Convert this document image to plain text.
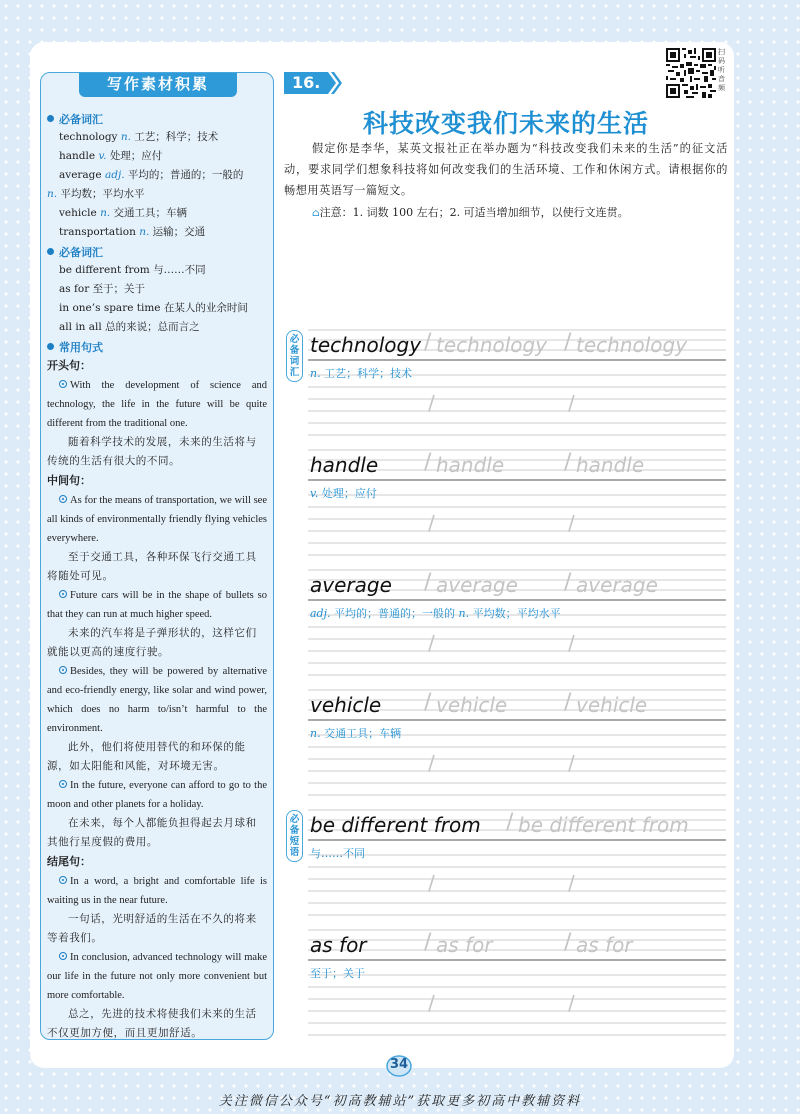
写作素材积累
必备词汇
technology n. 工艺；科学；技术
handle v. 处理；应付
average adj. 平均的；普通的；一般的
n. 平均数；平均水平
vehicle n. 交通工具；车辆
transportation n. 运输；交通
必备词汇
be different from 与……不同
as for 至于；关于
in one’s spare time 在某人的业余时间
all in all 总的来说；总而言之
常用句式
开头句：
With the development of science and technology, the life in the future will be quite different from the traditional one.
随着科学技术的发展，未来的生活将与传统的生活有很大的不同。
中间句：
As for the means of transportation, we will see all kinds of environmentally friendly flying vehicles everywhere.
至于交通工具，各种环保飞行交通工具将随处可见。
Future cars will be in the shape of bullets so that they can run at much higher speed.
未来的汽车将是子弹形状的，这样它们就能以更高的速度行驶。
Besides, they will be powered by alternative and eco-friendly energy, like solar and wind power, which does no harm to/isn’t harmful to the environment.
此外，他们将使用替代的和环保的能源，如太阳能和风能，对环境无害。
In the future, everyone can afford to go to the moon and other planets for a holiday.
在未来，每个人都能负担得起去月球和其他行星度假的费用。
结尾句：
In a word, a bright and comfortable life is waiting us in the near future.
一句话，光明舒适的生活在不久的将来等着我们。
In conclusion, advanced technology will make our life in the future not only more convenient but more comfortable.
总之，先进的技术将使我们未来的生活不仅更加方便，而且更加舒适。
16.
扫码听音频
科技改变我们未来的生活
假定你是李华，某英文报社正在举办题为“科技改变我们未来的生活”的征文活动，要求同学们想象科技将如何改变我们的生活环境、工作和休闲方式。请根据你的畅想用英语写一篇短文。
⌂注意：1. 词数 100 左右；2. 可适当增加细节，以使行文连贯。
必备词汇
必备短语
technology / technology / technology
/	/
n. 工艺；科学；技术
handle / handle	/ handle
/	/
v. 处理；应付
average / average / average
/	/
adj. 平均的；普通的；一般的 n. 平均数；平均水平
vehicle / vehicle	/ vehicle
/	/
n. 交通工具；车辆
be different from / be different from
/	/
与……不同
as for	/ as for	/ as for
/	/
至于；关于
34
关注微信公众号“初高教辅站”获取更多初高中教辅资料
